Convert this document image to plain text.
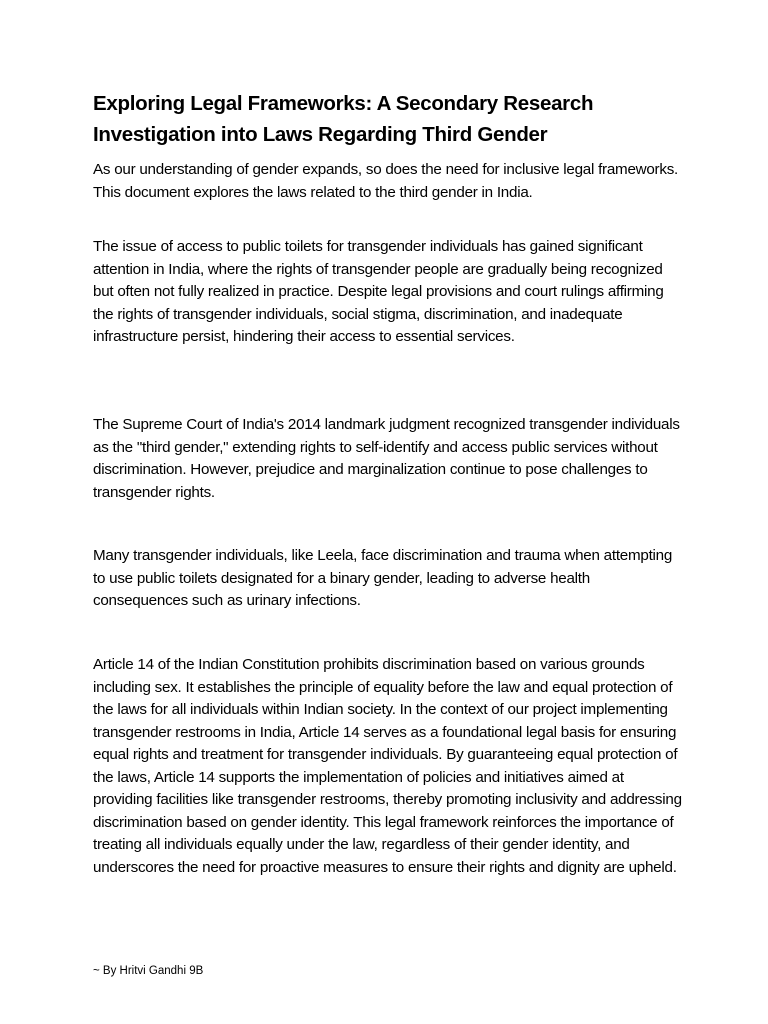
Exploring Legal Frameworks: A Secondary Research Investigation into Laws Regarding Third Gender

As our understanding of gender expands, so does the need for inclusive legal frameworks. This document explores the laws related to the third gender in India.

The issue of access to public toilets for transgender individuals has gained significant attention in India, where the rights of transgender people are gradually being recognized but often not fully realized in practice. Despite legal provisions and court rulings affirming the rights of transgender individuals, social stigma, discrimination, and inadequate infrastructure persist, hindering their access to essential services.

The Supreme Court of India's 2014 landmark judgment recognized transgender individuals as the "third gender," extending rights to self-identify and access public services without discrimination. However, prejudice and marginalization continue to pose challenges to transgender rights.

Many transgender individuals, like Leela, face discrimination and trauma when attempting to use public toilets designated for a binary gender, leading to adverse health consequences such as urinary infections.

Article 14 of the Indian Constitution prohibits discrimination based on various grounds including sex. It establishes the principle of equality before the law and equal protection of the laws for all individuals within Indian society. In the context of our project implementing transgender restrooms in India, Article 14 serves as a foundational legal basis for ensuring equal rights and treatment for transgender individuals. By guaranteeing equal protection of the laws, Article 14 supports the implementation of policies and initiatives aimed at providing facilities like transgender restrooms, thereby promoting inclusivity and addressing discrimination based on gender identity. This legal framework reinforces the importance of treating all individuals equally under the law, regardless of their gender identity, and underscores the need for proactive measures to ensure their rights and dignity are upheld.

~ By Hritvi Gandhi 9B
